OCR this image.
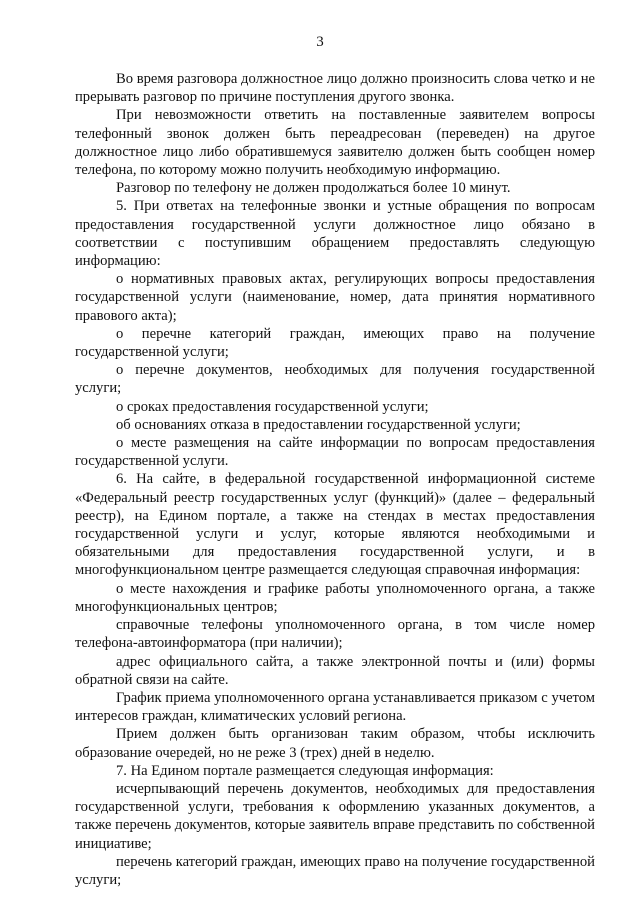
3

Во время разговора должностное лицо должно произносить слова четко и не прерывать разговор по причине поступления другого звонка.

При невозможности ответить на поставленные заявителем вопросы телефонный звонок должен быть переадресован (переведен) на другое должностное лицо либо обратившемуся заявителю должен быть сообщен номер телефона, по которому можно получить необходимую информацию.

Разговор по телефону не должен продолжаться более 10 минут.

5. При ответах на телефонные звонки и устные обращения по вопросам предоставления государственной услуги должностное лицо обязано в соответствии с поступившим обращением предоставлять следующую информацию:

о нормативных правовых актах, регулирующих вопросы предоставления государственной услуги (наименование, номер, дата принятия нормативного правового акта);

о перечне категорий граждан, имеющих право на получение государственной услуги;

о перечне документов, необходимых для получения государственной услуги;

о сроках предоставления государственной услуги;

об основаниях отказа в предоставлении государственной услуги;

о месте размещения на сайте информации по вопросам предоставления государственной услуги.

6. На сайте, в федеральной государственной информационной системе «Федеральный реестр государственных услуг (функций)» (далее – федеральный реестр), на Едином портале, а также на стендах в местах предоставления государственной услуги и услуг, которые являются необходимыми и обязательными для предоставления государственной услуги, и в многофункциональном центре размещается следующая справочная информация:

о месте нахождения и графике работы уполномоченного органа, а также многофункциональных центров;

справочные телефоны уполномоченного органа, в том числе номер телефона-автоинформатора (при наличии);

адрес официального сайта, а также электронной почты и (или) формы обратной связи на сайте.

График приема уполномоченного органа устанавливается приказом с учетом интересов граждан, климатических условий региона.

Прием должен быть организован таким образом, чтобы исключить образование очередей, но не реже 3 (трех) дней в неделю.

7. На Едином портале размещается следующая информация:

исчерпывающий перечень документов, необходимых для предоставления государственной услуги, требования к оформлению указанных документов, а также перечень документов, которые заявитель вправе представить по собственной инициативе;

перечень категорий граждан, имеющих право на получение государственной услуги;
